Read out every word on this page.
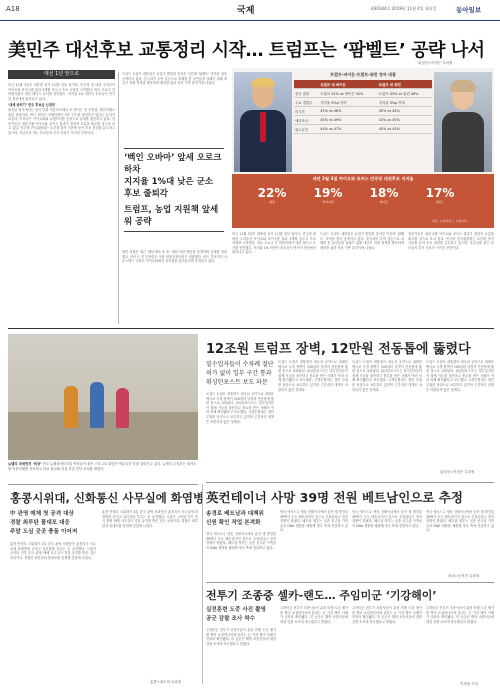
A18	국제	제30344호 2019년 11월 4일 월요일	동아일보
美민주 대선후보 교통정리 시작… 트럼프는 ‘팜벨트’ 공략 나서
워싱턴=이정은 특파원
대선 1년 앞으로
미국 11월 3일은 대통령 선거 1년을 앞둔 날이다. 민주당 내 대선 주자들이 아이오와 코커스를 불과 3개월 앞두고 후보 사퇴를 시작했다. 비토 오로크 전 하원의원이 대선 레이스 포기를 선언했고, 지지율 1% 미만의 후보들이 연이어 경선에서 물러나고 있다.
‘대세 굳히기’ 민주 후보들 신경전
워싱턴 정가에서는 전국 단위 여론조사에서 조 바이든 전 부통령, 엘리자베스 워런 상원의원, 버니 샌더스 상원의원이 3강 구도를 형성하고 있다는 분석이 나온다. 후보들은 아이오와와 뉴햄프셔를 중심으로 유세를 집중하고 있다. 전문가들은 내년 2월 아이오와 코커스 결과가 경선의 흐름을 좌우할 것으로 보고 있다. 민주당 전국위원회는 토론회 참가 기준을 높여 후보 정리를 유도하고 있으며, 자금난을 겪는 후보들의 추가 사퇴가 이어질 전망이다.
도널드 트럼프 대통령은 농업이 발달한 중서부 이른바 ‘팜벨트’ 지역을 집중 공략하고 있다. 중국과의 무역 갈등으로 피해를 본 농민들을 달래기 위해 대규모 지원 정책을 발표하며 재선을 위한 지지 기반 다지기에 나섰다.
‘벡인 오바마’ 앞세 오로크 하차
지지율 1%대 낮은 군소 후보 줄퇴각
트럼프, 농업 지원책 앞세워 공략
워런 의원은 최근 ‘메디케어 포 올’ 재원 마련 방안을 공개하며 공세를 강화했고, 바이든 전 부통령은 이를 비현실적이라고 비판했다. 피트 부티지지 사우스벤드 시장도 아이오와에서 지지율을 끌어올리며 추격하고 있다.
트럼프-바이든·트럼프-워런 양자 대결
	트럼프 대 바이든	트럼프 대 워런
전국 결과	트럼프 42% vs 바이든 50%	트럼프 43% vs 워런 48%
주요 경합주	지지율 5%p 이하	지지율 3%p 이하
미시간	45% vs 46%	45% vs 44%
애리조나	45% vs 49%	43% vs 45%
위스콘신	44% vs 47%	45% vs 45%
내년 2월 3일 아이오와 코커스 민주당 대선후보 지지율
22%
워런
19%
부티지지
18%
바이든
17%
샌더스
자료: 뉴욕타임스·시에나대
미국 11월 3일은 대통령 선거 1년을 앞둔 날이다. 민주당 내 대선 주자들이 아이오와 코커스를 불과 3개월 앞두고 후보 사퇴를 시작했다. 비토 오로크 전 하원의원이 대선 레이스 포기를 선언했고, 지지율 1% 미만의 후보들이 연이어 경선에서 물러나고 있다.
도널드 트럼프 대통령은 농업이 발달한 중서부 이른바 ‘팜벨트’ 지역을 집중 공략하고 있다. 중국과의 무역 갈등으로 피해를 본 농민들을 달래기 위해 대규모 지원 정책을 발표하며 재선을 위한 지지 기반 다지기에 나섰다.
전문가들은 내년 2월 아이오와 코커스 결과가 경선의 흐름을 좌우할 것으로 보고 있다. 민주당 전국위원회는 토론회 참가 기준을 높여 후보 정리를 유도하고 있으며, 자금난을 겪는 후보들의 추가 사퇴가 이어질 전망이다.
뉴델리 미세먼지 ‘비상’ 인도 뉴델리에서 3일 여성들이 짙은 스모그로 뒤덮인 야무나강 둑을 걸어가고 있다. 뉴델리 주정부는 대기오염 비상사태를 선포하고 학교 휴교와 건설 작업 중단 조치를 내렸다.
12조원 트럼프 장벽, 12만원 전동톱에 뚫렸다
밀수업자들이 수차례 절단
허가 없이 일부 구간 통과
워싱턴포스트 보도 파문
도널드 트럼프 대통령이 최우선 공약으로 내세운 멕시코 국경 장벽이 100달러 남짓의 전동톱에 뚫린 것으로 나타났다. 워싱턴포스트는 밀수업자들이 철제 기둥을 절단하고 통로를 만든 사례가 여러 차례 확인됐다고 보도했다. 국경순찰대는 절단 부위를 용접으로 보수하고 있지만 근본적인 대책은 마련되지 않은 상태다.
도널드 트럼프 대통령이 최우선 공약으로 내세운 멕시코 국경 장벽이 100달러 남짓의 전동톱에 뚫린 것으로 나타났다. 워싱턴포스트는 밀수업자들이 철제 기둥을 절단하고 통로를 만든 사례가 여러 차례 확인됐다고 보도했다. 국경순찰대는 절단 부위를 용접으로 보수하고 있지만 근본적인 대책은 마련되지 않은 상태다.
도널드 트럼프 대통령이 최우선 공약으로 내세운 멕시코 국경 장벽이 100달러 남짓의 전동톱에 뚫린 것으로 나타났다. 워싱턴포스트는 밀수업자들이 철제 기둥을 절단하고 통로를 만든 사례가 여러 차례 확인됐다고 보도했다. 국경순찰대는 절단 부위를 용접으로 보수하고 있지만 근본적인 대책은 마련되지 않은 상태다.
도널드 트럼프 대통령이 최우선 공약으로 내세운 멕시코 국경 장벽이 100달러 남짓의 전동톱에 뚫린 것으로 나타났다. 워싱턴포스트는 밀수업자들이 철제 기둥을 절단하고 통로를 만든 사례가 여러 차례 확인됐다고 보도했다. 국경순찰대는 절단 부위를 용접으로 보수하고 있지만 근본적인 대책은 마련되지 않은 상태다.
워싱턴=이정은 특파원
홍콩시위대, 신화통신 사무실에 화염병
中 관영 매체 첫 공격 대상
경찰 최루탄 물대포 대응
주말 도심 곳곳 충돌 이어져
홍콩 반정부 시위대가 2일 중국 관영 신화통신 홍콩지사 사무실에 화염병을 던지고 유리창을 부수는 등 공격했다. 시위가 시작된 이후 중국 관영 매체 사무실이 직접 공격을 받은 것은 처음이다. 경찰은 최루탄과 물대포를 동원해 진압에 나섰다.
홍콩 반정부 시위대가 2일 중국 관영 신화통신 홍콩지사 사무실에 화염병을 던지고 유리창을 부수는 등 공격했다. 시위가 시작된 이후 중국 관영 매체 사무실이 직접 공격을 받은 것은 처음이다. 경찰은 최루탄과 물대포를 동원해 진압에 나섰다.
홍콩=권오혁 특파원
英컨테이너 사망 39명 전원 베트남인으로 추정
송경로 베트남과 대책위
신원 확인 작업 본격화
영국 에식스주 냉동 컨테이너에서 숨진 채 발견된 39명이 모두 베트남인인 것으로 추정된다고 현지 경찰이 밝혔다. 베트남 정부는 실종 신고된 가족들의 DNA 샘플을 채취해 영국 측에 전달하고 있다.
영국 에식스주 냉동 컨테이너에서 숨진 채 발견된 39명이 모두 베트남인인 것으로 추정된다고 현지 경찰이 밝혔다. 베트남 정부는 실종 신고된 가족들의 DNA 샘플을 채취해 영국 측에 전달하고 있다.
영국 에식스주 냉동 컨테이너에서 숨진 채 발견된 39명이 모두 베트남인인 것으로 추정된다고 현지 경찰이 밝혔다. 베트남 정부는 실종 신고된 가족들의 DNA 샘플을 채취해 영국 측에 전달하고 있다.
영국 에식스주 냉동 컨테이너에서 숨진 채 발견된 39명이 모두 베트남인인 것으로 추정된다고 현지 경찰이 밝혔다. 베트남 정부는 실종 신고된 가족들의 DNA 샘플을 채취해 영국 측에 전달하고 있다.
파리=동정민 특파원
전투기 조종중 셀카-랜도… 주임미군 ‘기강해이’
실전훈련 도중 사진 촬영
공군 감찰 조사 착수
주한미군 전투기 조종사들이 훈련 비행 도중 셀카를 찍어 소셜미디어에 올리는 등 기강 해이 사례가 잇따라 확인됐다. 미 공군은 해당 조종사들에 대한 감찰 조사에 착수했다고 밝혔다.
주한미군 전투기 조종사들이 훈련 비행 도중 셀카를 찍어 소셜미디어에 올리는 등 기강 해이 사례가 잇따라 확인됐다. 미 공군은 해당 조종사들에 대한 감찰 조사에 착수했다고 밝혔다.
주한미군 전투기 조종사들이 훈련 비행 도중 셀카를 찍어 소셜미디어에 올리는 등 기강 해이 사례가 잇따라 확인됐다. 미 공군은 해당 조종사들에 대한 감찰 조사에 착수했다고 밝혔다.
주한미군 전투기 조종사들이 훈련 비행 도중 셀카를 찍어 소셜미디어에 올리는 등 기강 해이 사례가 잇따라 확인됐다. 미 공군은 해당 조종사들에 대한 감찰 조사에 착수했다고 밝혔다.
이세형 기자
